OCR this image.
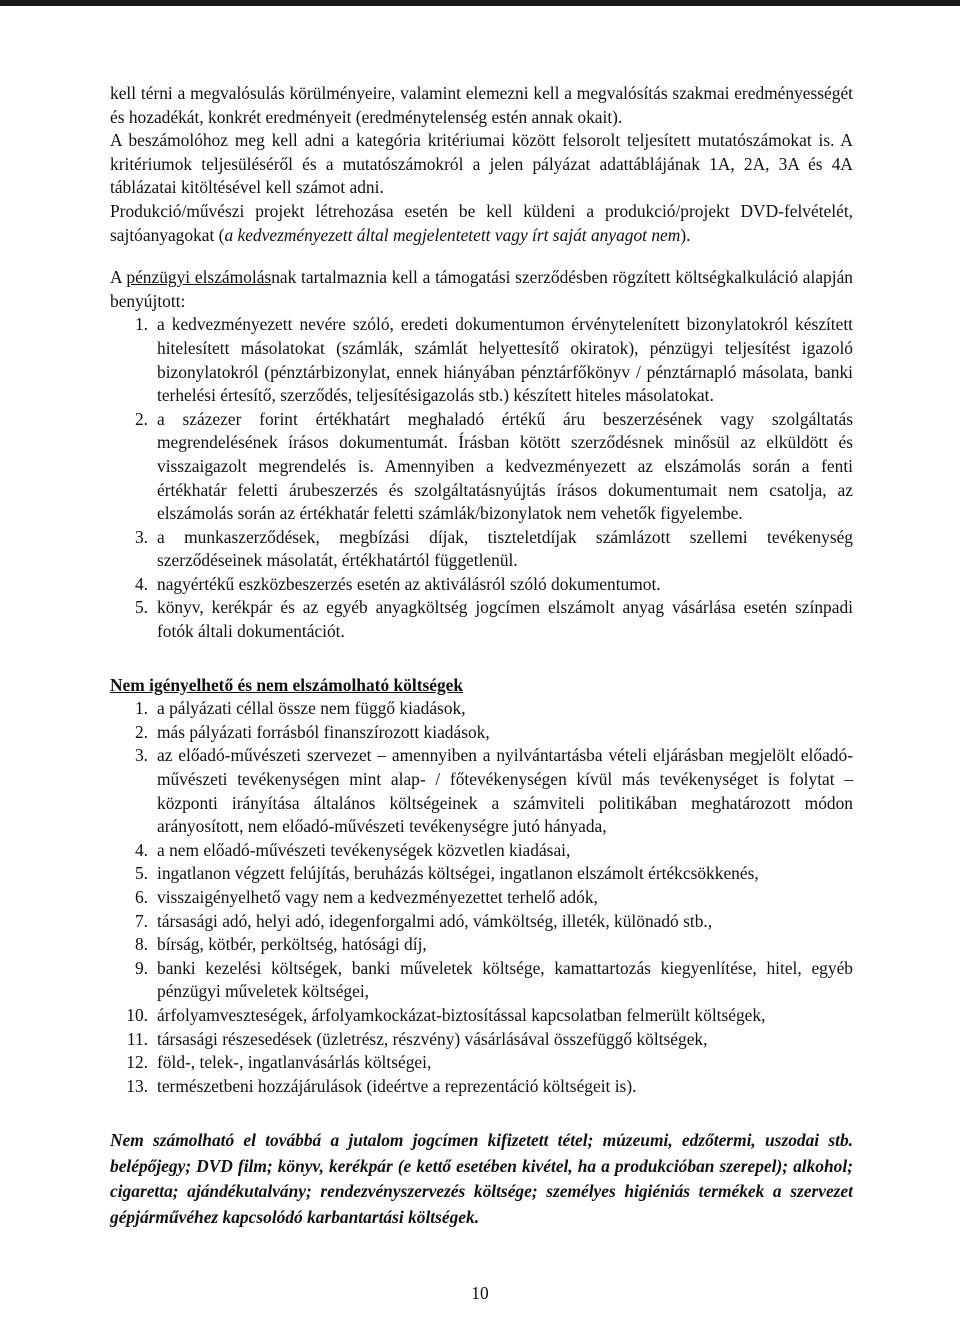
kell térni a megvalósulás körülményeire, valamint elemezni kell a megvalósítás szakmai eredményességét és hozadékát, konkrét eredményeit (eredménytelenség estén annak okait).

A beszámolóhoz meg kell adni a kategória kritériumai között felsorolt teljesített mutatószámokat is. A kritériumok teljesüléséről és a mutatószámokról a jelen pályázat adattáblájának 1A, 2A, 3A és 4A táblázatai kitöltésével kell számot adni.

Produkció/művészi projekt létrehozása esetén be kell küldeni a produkció/projekt DVD-felvételét, sajtóanyagokat (a kedvezményezett által megjelentetett vagy írt saját anyagot nem).

A pénzügyi elszámolásnak tartalmaznia kell a támogatási szerződésben rögzített költségkalkuláció alapján benyújtott:

1. a kedvezményezett nevére szóló, eredeti dokumentumon érvénytelenített bizonylatokról készített hitelesített másolatokat (számlák, számlát helyettesítő okiratok), pénzügyi teljesítést igazoló bizonylatokról (pénztárbizonylat, ennek hiányában pénztárfőkönyv / pénztárnapló másolata, banki terhelési értesítő, szerződés, teljesítésigazolás stb.) készített hiteles másolatokat.
2. a százezer forint értékhatárt meghaladó értékű áru beszerzésének vagy szolgáltatás megrendelésének írásos dokumentumát. Írásban kötött szerződésnek minősül az elküldött és visszaigazolt megrendelés is. Amennyiben a kedvezményezett az elszámolás során a fenti értékhatár feletti árubeszerzés és szolgáltatásnyújtás írásos dokumentumait nem csatolja, az elszámolás során az értékhatár feletti számlák/bizonylatok nem vehetők figyelembe.
3. a munkaszerződések, megbízási díjak, tiszteletdíjak számlázott szellemi tevékenység szerződéseinek másolatát, értékhatártól függetlenül.
4. nagyértékű eszközbeszerzés esetén az aktiválásról szóló dokumentumot.
5. könyv, kerékpár és az egyéb anyagköltség jogcímen elszámolt anyag vásárlása esetén színpadi fotók általi dokumentációt.

Nem igényelhető és nem elszámolható költségek

1. a pályázati céllal össze nem függő kiadások,
2. más pályázati forrásból finanszírozott kiadások,
3. az előadó-művészeti szervezet – amennyiben a nyilvántartásba vételi eljárásban megjelölt előadó-művészeti tevékenységen mint alap- / főtevékenységen kívül más tevékenységet is folytat – központi irányítása általános költségeinek a számviteli politikában meghatározott módon arányosított, nem előadó-művészeti tevékenységre jutó hányada,
4. a nem előadó-művészeti tevékenységek közvetlen kiadásai,
5. ingatlanon végzett felújítás, beruházás költségei, ingatlanon elszámolt értékcsökkenés,
6. visszaigényelhető vagy nem a kedvezményezettet terhelő adók,
7. társasági adó, helyi adó, idegenforgalmi adó, vámköltség, illeték, különadó stb.,
8. bírság, kötbér, perköltség, hatósági díj,
9. banki kezelési költségek, banki műveletek költsége, kamattartozás kiegyenlítése, hitel, egyéb pénzügyi műveletek költségei,
10. árfolyamveszteségek, árfolyamkockázat-biztosítással kapcsolatban felmerült költségek,
11. társasági részesedések (üzletrész, részvény) vásárlásával összefüggő költségek,
12. föld-, telek-, ingatlanvásárlás költségei,
13. természetbeni hozzájárulások (ideértve a reprezentáció költségeit is).

Nem számolható el továbbá a jutalom jogcímen kifizetett tétel; múzeumi, edzőtermi, uszodai stb. belépőjegy; DVD film; könyv, kerékpár (e kettő esetében kivétel, ha a produkcióban szerepel); alkohol; cigaretta; ajándékutalvány; rendezvényszervezés költsége; személyes higiéniás termékek a szervezet gépjárművéhez kapcsolódó karbantartási költségek.

10
